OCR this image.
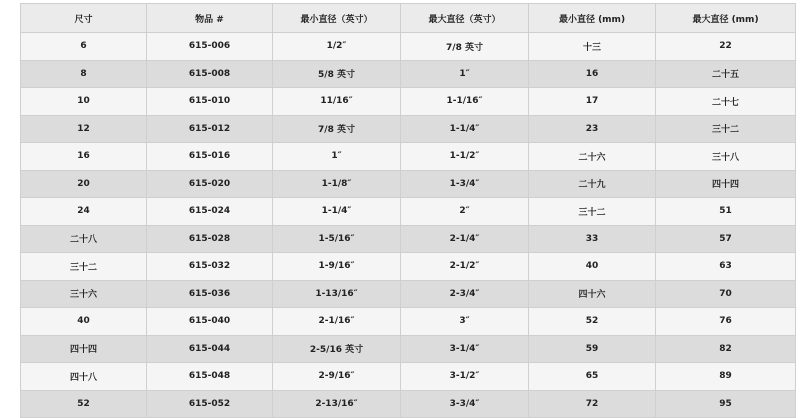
尺寸	物品 #	最小直径（英寸）	最大直径（英寸）	最小直径 (mm)	最大直径 (mm)
6	615-006	1/2″	7/8 英寸	十三	22
8	615-008	5/8 英寸	1″	16	二十五
10	615-010	11/16″	1-1/16″	17	二十七
12	615-012	7/8 英寸	1-1/4″	23	三十二
16	615-016	1″	1-1/2″	二十六	三十八
20	615-020	1-1/8″	1-3/4″	二十九	四十四
24	615-024	1-1/4″	2″	三十二	51
二十八	615-028	1-5/16″	2-1/4″	33	57
三十二	615-032	1-9/16″	2-1/2″	40	63
三十六	615-036	1-13/16″	2-3/4″	四十六	70
40	615-040	2-1/16″	3″	52	76
四十四	615-044	2-5/16 英寸	3-1/4″	59	82
四十八	615-048	2-9/16″	3-1/2″	65	89
52	615-052	2-13/16″	3-3/4″	72	95
